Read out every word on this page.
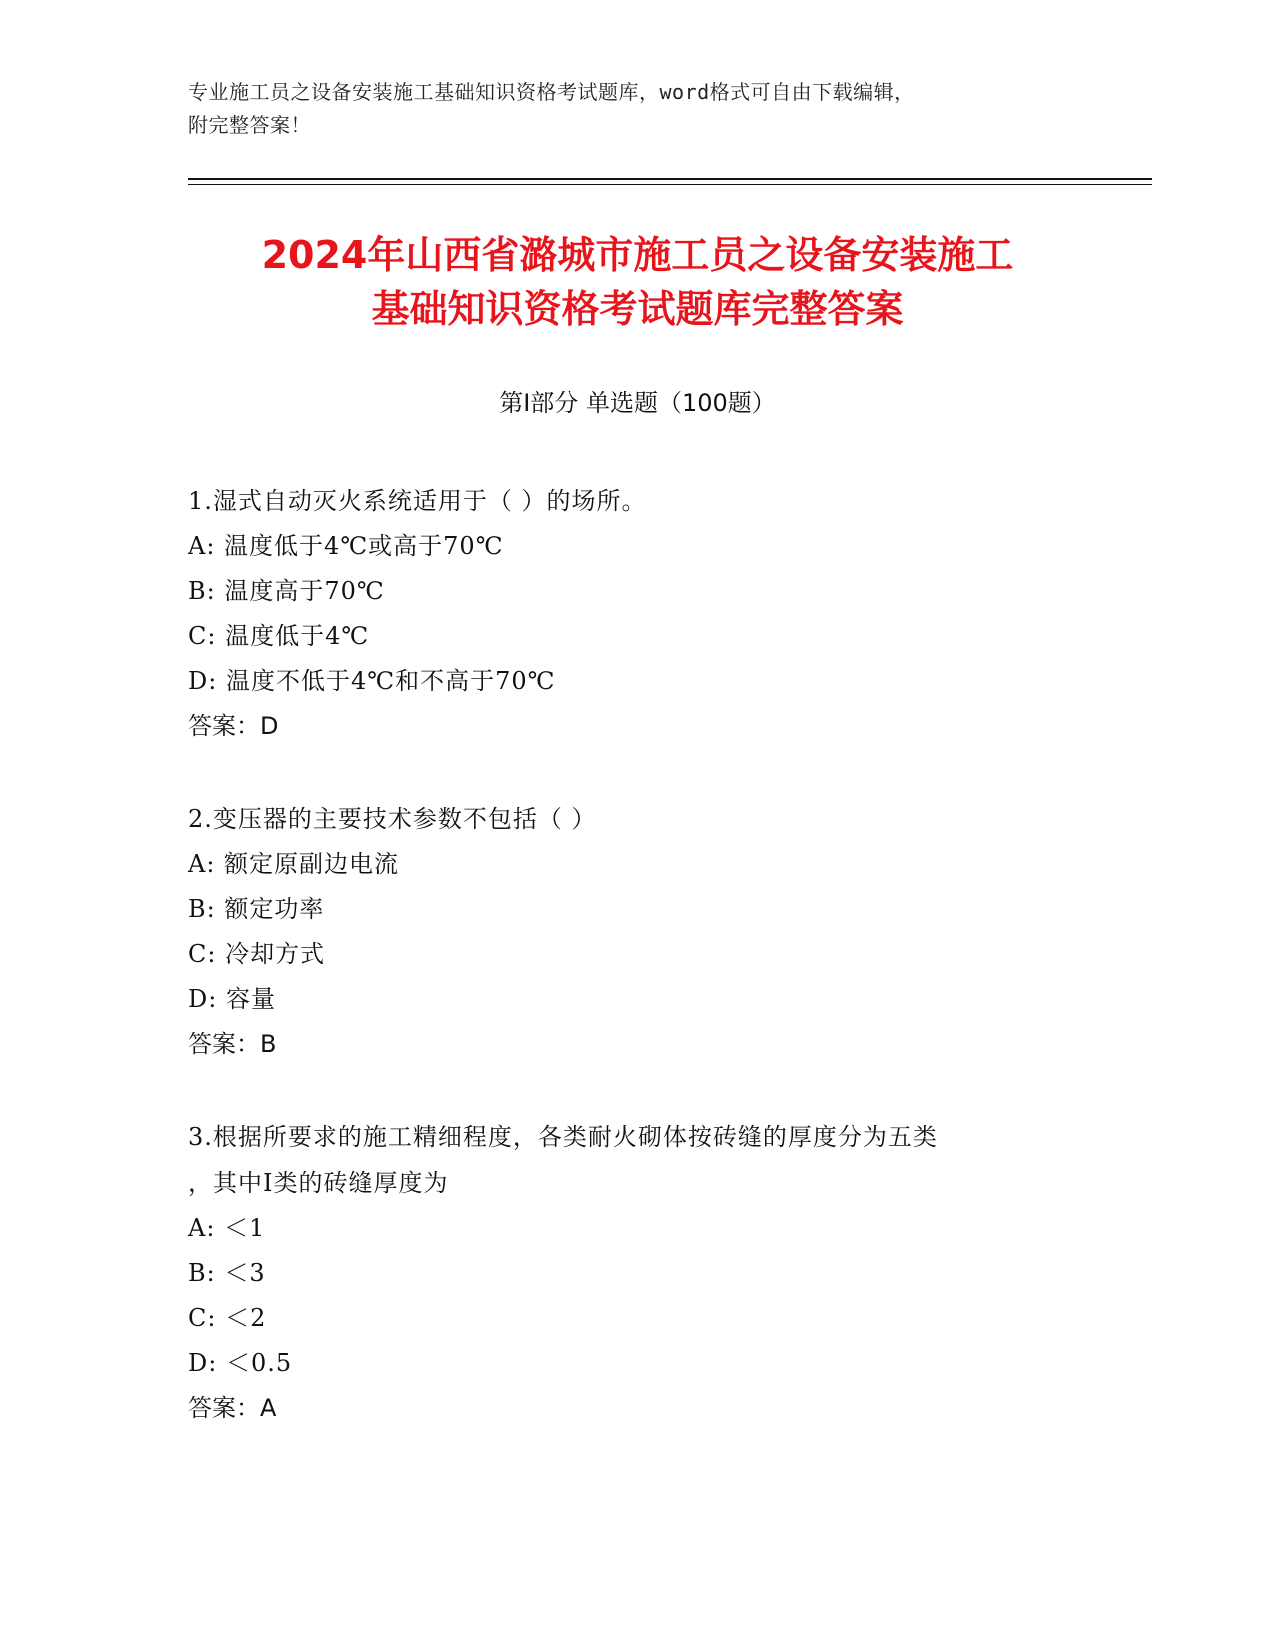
专业施工员之设备安装施工基础知识资格考试题库，word格式可自由下载编辑，
附完整答案！
2024年山西省潞城市施工员之设备安装施工
基础知识资格考试题库完整答案
第Ⅰ部分 单选题（100题）
1.湿式自动灭火系统适用于（ ）的场所。
A: 温度低于4℃或高于70℃
B: 温度高于70℃
C: 温度低于4℃
D: 温度不低于4℃和不高于70℃
答案：D
2.变压器的主要技术参数不包括（ ）
A: 额定原副边电流
B: 额定功率
C: 冷却方式
D: 容量
答案：B
3.根据所要求的施工精细程度，各类耐火砌体按砖缝的厚度分为五类
，其中Ⅰ类的砖缝厚度为
A: ＜1
B: ＜3
C: ＜2
D: ＜0.5
答案：A
